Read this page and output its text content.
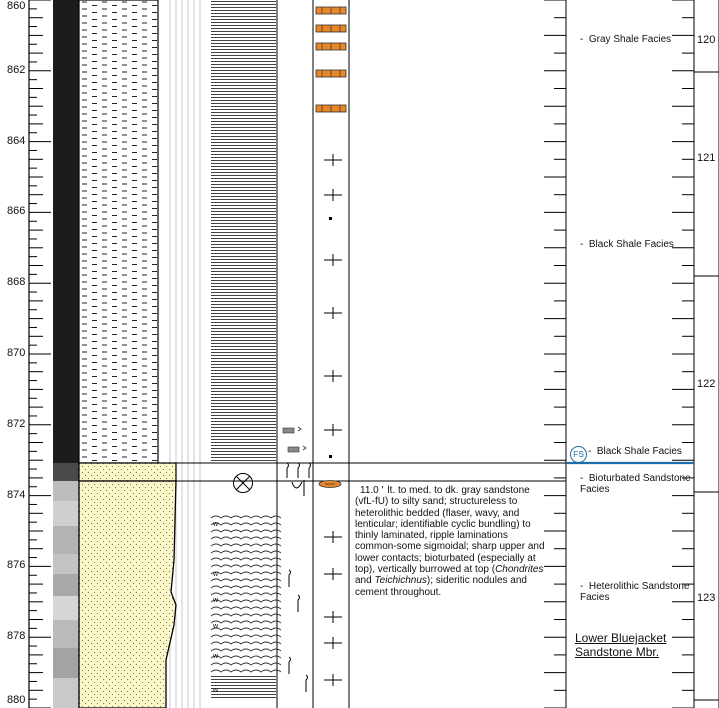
w
w
w
w
w
w
860
862
864
866
868
870
872
874
876
878
880
120
121
122
123
-  Gray Shale Facies
-  Black Shale Facies
FS -  Black Shale Facies
-  Bioturbated Sandstone
Facies
-  Heterolithic Sandstone
Facies
11.0 ' lt. to med. to dk. gray sandstone (vfL-fU) to silty sand; structureless to heterolithic bedded (flaser, wavy, and lenticular; identifiable cyclic bundling) to thinly laminated, ripple laminations common-some sigmoidal; sharp upper and lower contacts; bioturbated (especially at top), vertically burrowed at top (Chondrites and Teichichnus); sideritic nodules and cement throughout.
Lower Bluejacket
Sandstone Mbr.
